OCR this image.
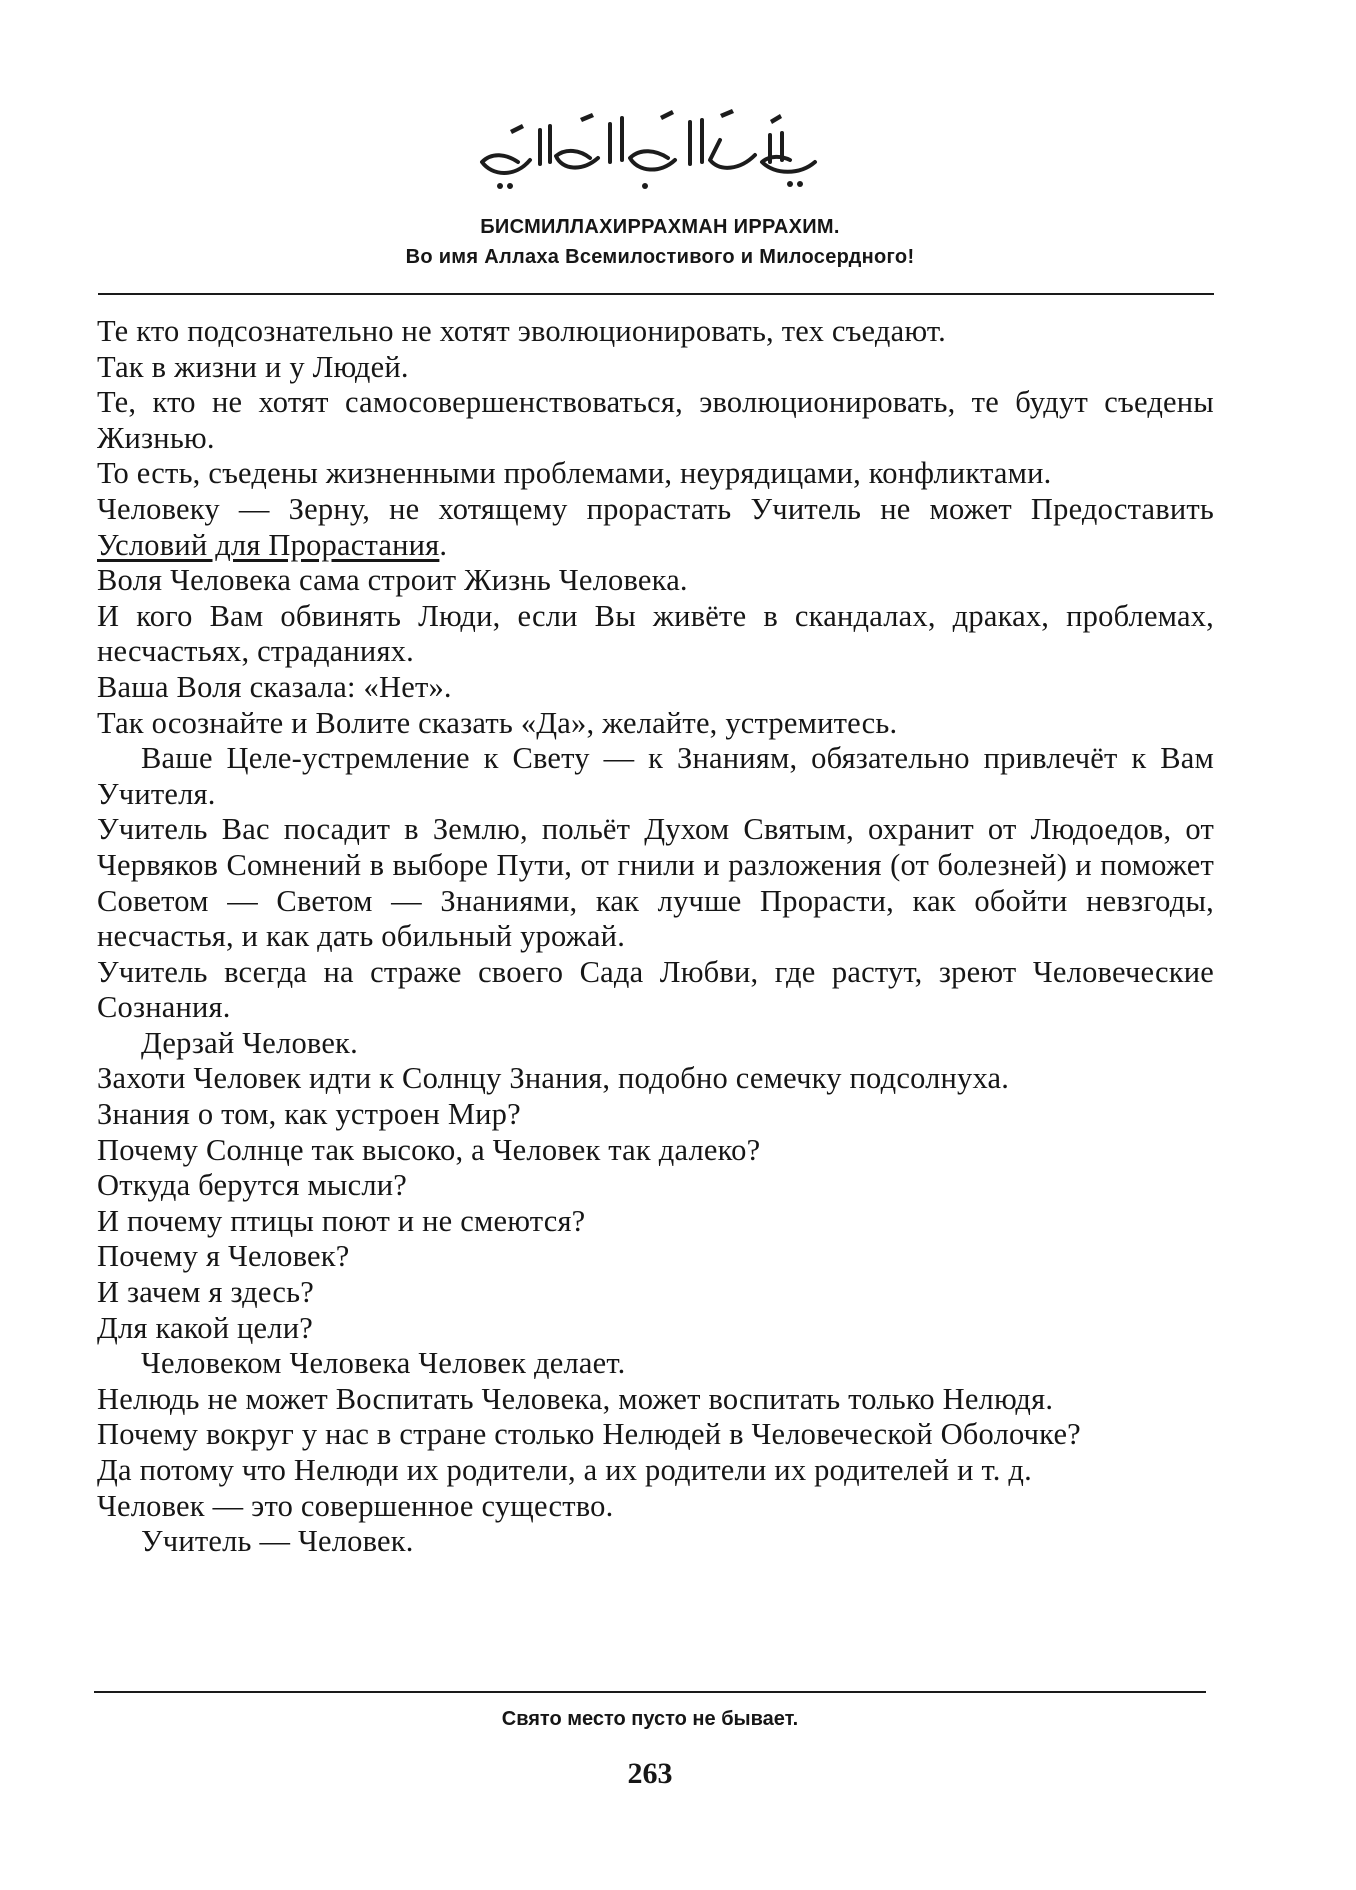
بِسْمِ اللَّهِ الرَّحْمَٰنِ الرَّحِيمِ
БИСМИЛЛАХИРРАХМАН ИРРАХИМ.
Во имя Аллаха Всемилостивого и Милосердного!

Те кто подсознательно не хотят эволюционировать, тех съедают.

Так в жизни и у Людей.

Те, кто не хотят самосовершенствоваться, эволюционировать, те будут съедены Жизнью.

То есть, съедены жизненными проблемами, неурядицами, конфликтами.

Человеку — Зерну, не хотящему прорастать Учитель не может Предоставить Условий для Прорастания.

Воля Человека сама строит Жизнь Человека.

И кого Вам обвинять Люди, если Вы живёте в скандалах, драках, проблемах, несчастьях, страданиях.

Ваша Воля сказала: «Нет».

Так осознайте и Волите сказать «Да», желайте, устремитесь.

Ваше Целе-устремление к Свету — к Знаниям, обязательно привлечёт к Вам Учителя.

Учитель Вас посадит в Землю, польёт Духом Святым, охранит от Людоедов, от Червяков Сомнений в выборе Пути, от гнили и разложения (от болезней) и поможет Советом — Светом — Знаниями, как лучше Прорасти, как обойти невзгоды, несчастья, и как дать обильный урожай.

Учитель всегда на страже своего Сада Любви, где растут, зреют Человеческие Сознания.

Дерзай Человек.

Захоти Человек идти к Солнцу Знания, подобно семечку подсолнуха.

Знания о том, как устроен Мир?

Почему Солнце так высоко, а Человек так далеко?

Откуда берутся мысли?

И почему птицы поют и не смеются?

Почему я Человек?

И зачем я здесь?

Для какой цели?

Человеком Человека Человек делает.

Нелюдь не может Воспитать Человека, может воспитать только Нелюдя.

Почему вокруг у нас в стране столько Нелюдей в Человеческой Оболочке?

Да потому что Нелюди их родители, а их родители их родителей и т. д.

Человек — это совершенное существо.

Учитель — Человек.

Свято место пусто не бывает.
263
